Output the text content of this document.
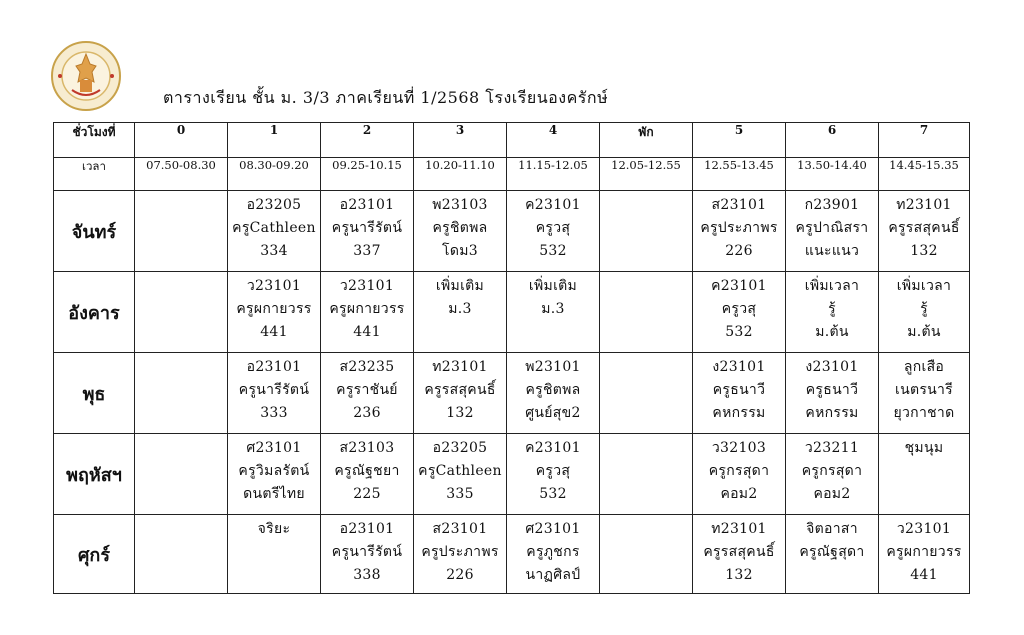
ตารางเรียน ชั้น ม. 3/3 ภาคเรียนที่ 1/2568 โรงเรียนองครักษ์
ชั่วโมงที่	0	1	2	3	4	พัก	5	6	7
เวลา	07.50-08.30	08.30-09.20	09.25-10.15	10.20-11.10	11.15-12.05	12.05-12.55	12.55-13.45	13.50-14.40	14.45-15.35
จันทร์		อ23205
ครูCathleen
334	อ23101
ครูนารีรัตน์
337	พ23103
ครูชิตพล
โดม3	ค23101
ครูวสุ
532		ส23101
ครูประภาพร
226	ก23901
ครูปาณิสรา
แนะแนว	ท23101
ครูรสสุคนธิ์
132

อังคาร		ว23101
ครูผกายวรร
441	ว23101
ครูผกายวรร
441	เพิ่มเติม
ม.3	เพิ่มเติม
ม.3		ค23101
ครูวสุ
532	เพิ่มเวลา
รู้
ม.ต้น	เพิ่มเวลา
รู้
ม.ต้น

พุธ		อ23101
ครูนารีรัตน์
333	ส23235
ครูราชันย์
236	ท23101
ครูรสสุคนธิ์
132	พ23101
ครูชิตพล
ศูนย์สุข2		ง23101
ครูธนาวี
คหกรรม	ง23101
ครูธนาวี
คหกรรม	ลูกเสือ
เนตรนารี
ยุวกาชาด

พฤหัสฯ		ศ23101
ครูวิมลรัตน์
ดนตรีไทย	ส23103
ครูณัฐชยา
225	อ23205
ครูCathleen
335	ค23101
ครูวสุ
532		ว32103
ครูกรสุดา
คอม2	ว23211
ครูกรสุดา
คอม2	ชุมนุม

ศุกร์		จริยะ	อ23101
ครูนารีรัตน์
338	ส23101
ครูประภาพร
226	ศ23101
ครูภูชกร
นาฏศิลป์		ท23101
ครูรสสุคนธิ์
132	จิตอาสา
ครูณัฐสุดา	ว23101
ครูผกายวรร
441
